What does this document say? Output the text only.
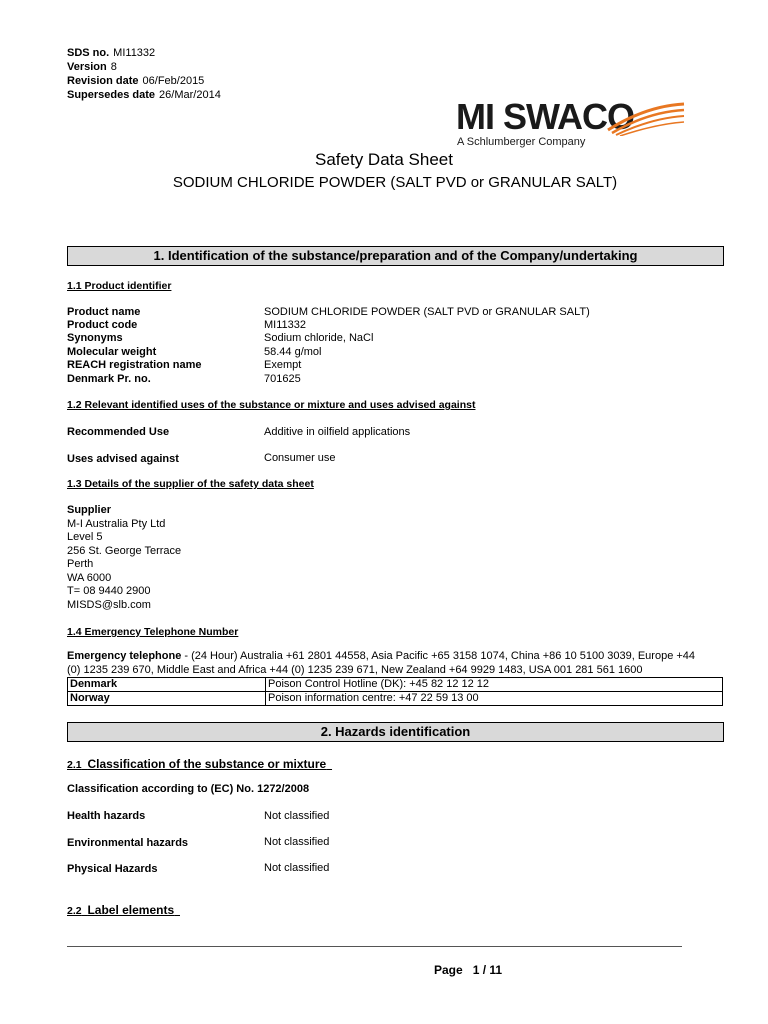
SDS no. MI11332
Version 8
Revision date 06/Feb/2015
Supersedes date 26/Mar/2014
MI SWACO
A Schlumberger Company
Safety Data Sheet
SODIUM CHLORIDE POWDER (SALT PVD or GRANULAR SALT)
1. Identification of the substance/preparation and of the Company/undertaking
1.1 Product identifier
Product name	SODIUM CHLORIDE POWDER (SALT PVD or GRANULAR SALT)
Product code	MI11332
Synonyms	Sodium chloride, NaCl
Molecular weight	58.44 g/mol
REACH registration name	Exempt
Denmark Pr. no.	701625
1.2 Relevant identified uses of the substance or mixture and uses advised against
Recommended Use	Additive in oilfield applications
Uses advised against	Consumer use
1.3 Details of the supplier of the safety data sheet
Supplier
M-I Australia Pty Ltd
Level 5
256 St. George Terrace
Perth
WA 6000
T= 08 9440 2900
MISDS@slb.com
1.4 Emergency Telephone Number
Emergency telephone - (24 Hour) Australia +61 2801 44558, Asia Pacific +65 3158 1074, China +86 10 5100 3039, Europe +44
(0) 1235 239 670, Middle East and Africa +44 (0) 1235 239 671, New Zealand +64 9929 1483, USA 001 281 561 1600
Denmark	Poison Control Hotline (DK): +45 82 12 12 12
Norway	Poison information centre: +47 22 59 13 00
2. Hazards identification
2.1 Classification of the substance or mixture
Classification according to (EC) No. 1272/2008
Health hazards	Not classified
Environmental hazards	Not classified
Physical Hazards	Not classified
2.2 Label elements
Page 1 / 11
